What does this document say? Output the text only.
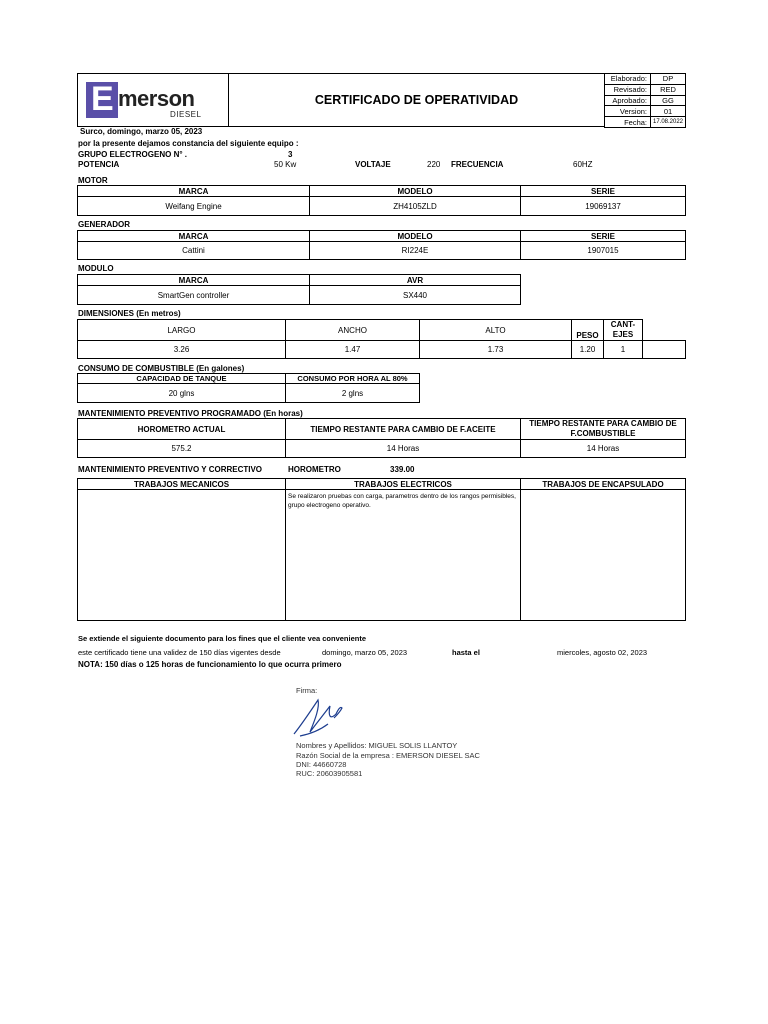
	CERTIFICADO DE OPERATIVIDAD
E merson
DIESEL
Elaborado:	DP
Revisado:	RED
Aprobado:	GG
Version:	01
Fecha:	17.08.2022
Surco, domingo, marzo 05, 2023
por la presente dejamos constancia del siguiente equipo :
GRUPO ELECTROGENO N° .	3
POTENCIA	50 Kw	VOLTAJE	220 FRECUENCIA	60HZ
MOTOR
MARCA	MODELO	SERIE
Weifang Engine	ZH4105ZLD	19069137
GENERADOR
MARCA	MODELO	SERIE
Cattini	RI224E	1907015
MODULO
MARCA	AVR
SmartGen controller	SX440
DIMENSIONES (En metros)
LARGO	ANCHO	ALTO	PESO	CANT-EJES	
3.26	1.47	1.73	1.20	1	
CONSUMO DE COMBUSTIBLE (En galones)
CAPACIDAD DE TANQUE	CONSUMO POR HORA AL 80%
20 glns	2 glns
MANTENIMIENTO PREVENTIVO PROGRAMADO (En horas)
HOROMETRO ACTUAL	TIEMPO RESTANTE PARA CAMBIO DE F.ACEITE	TIEMPO RESTANTE PARA CAMBIO DE F.COMBUSTIBLE
575.2	14 Horas	14 Horas
MANTENIMIENTO PREVENTIVO Y CORRECTIVO	HOROMETRO	339.00
TRABAJOS MECANICOS	TRABAJOS ELECTRICOS	TRABAJOS DE ENCAPSULADO
	Se realizaron pruebas con carga, parametros dentro de los rangos permisibles, grupo electrogeno operativo.	
Se extiende el siguiente documento para los fines que el cliente vea conveniente
este certificado tiene una validez de 150 días vigentes desde	domingo, marzo 05, 2023	hasta el	miercoles, agosto 02, 2023
NOTA: 150 días o 125 horas de funcionamiento lo que ocurra primero
Firma:
Nombres y Apellidos: MIGUEL SOLIS LLANTOY
Razón Social de la empresa : EMERSON DIESEL SAC
DNI: 44660728
RUC: 20603905581
